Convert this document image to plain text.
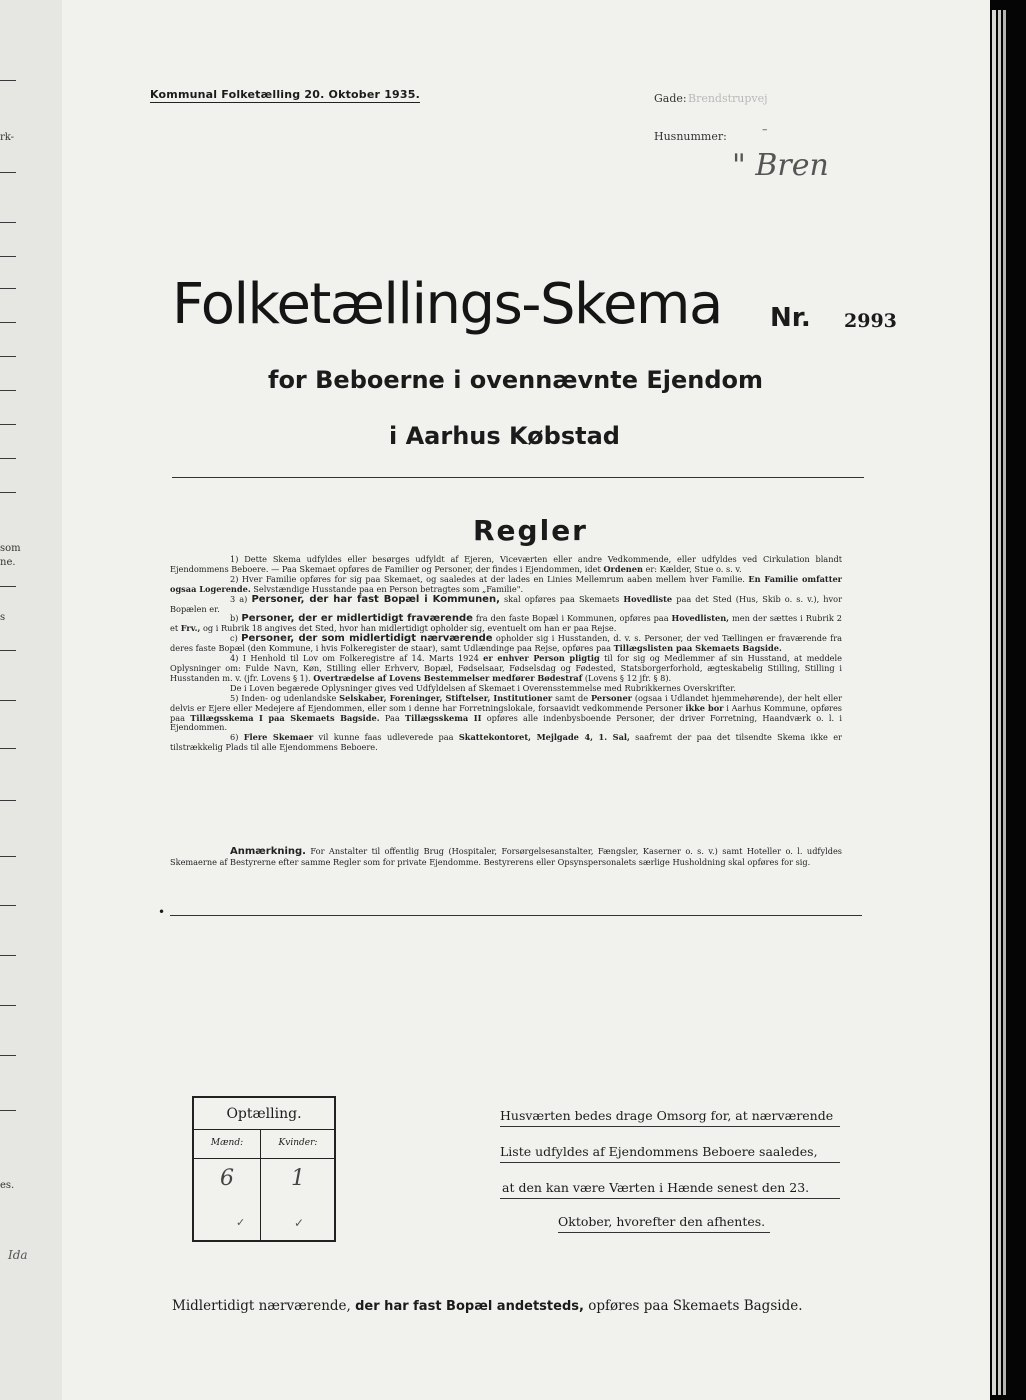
rk-
som
ne.
s
es.
Ida
Kommunal Folketælling 20. Oktober 1935.	Gade: Brendstrupvej
Husnummer:
–
" Bren
Folketællings-Skema Nr. 2993
for Beboerne i ovennævnte Ejendom
i Aarhus Købstad
Regler

1) Dette Skema udfyldes eller besørges udfyldt af Ejeren, Viceværten eller andre Vedkommende, eller udfyldes ved Cirkulation blandt Ejendommens Beboere. — Paa Skemaet opføres de Familier og Personer, der findes i Ejendommen, idet Ordenen er: Kælder, Stue o. s. v.

2) Hver Familie opføres for sig paa Skemaet, og saaledes at der lades en Linies Mellemrum aaben mellem hver Familie. En Familie omfatter ogsaa Logerende. Selvstændige Husstande paa en Person betragtes som „Familie".

3 a) Personer, der har fast Bopæl i Kommunen, skal opføres paa Skemaets Hovedliste paa det Sted (Hus, Skib o. s. v.), hvor Bopælen er.

b) Personer, der er midlertidigt fraværende fra den faste Bopæl i Kommunen, opføres paa Hovedlisten, men der sættes i Rubrik 2 et Frv., og i Rubrik 18 angives det Sted, hvor han midlertidigt opholder sig, eventuelt om han er paa Rejse.

c) Personer, der som midlertidigt nærværende opholder sig i Husstanden, d. v. s. Personer, der ved Tællingen er fraværende fra deres faste Bopæl (den Kommune, i hvis Folkeregister de staar), samt Udlændinge paa Rejse, opføres paa Tillægslisten paa Skemaets Bagside.

4) I Henhold til Lov om Folkeregistre af 14. Marts 1924 er enhver Person pligtig til for sig og Medlemmer af sin Husstand, at meddele Oplysninger om: Fulde Navn, Køn, Stilling eller Erhverv, Bopæl, Fødselsaar, Fødselsdag og Fødested, Statsborgerforhold, ægteskabelig Stilling, Stilling i Husstanden m. v. (jfr. Lovens § 1). Overtrædelse af Lovens Bestemmelser medfører Bødestraf (Lovens § 12 jfr. § 8).

De i Loven begærede Oplysninger gives ved Udfyldelsen af Skemaet i Overensstemmelse med Rubrikkernes Overskrifter.

5) Inden- og udenlandske Selskaber, Foreninger, Stiftelser, Institutioner samt de Personer (ogsaa i Udlandet hjemmehørende), der helt eller delvis er Ejere eller Medejere af Ejendommen, eller som i denne har Forretningslokale, forsaavidt vedkommende Personer ikke bor i Aarhus Kommune, opføres paa Tillægsskema I paa Skemaets Bagside. Paa Tillægsskema II opføres alle indenbysboende Personer, der driver Forretning, Haandværk o. l. i Ejendommen.

6) Flere Skemaer vil kunne faas udleverede paa Skattekontoret, Mejlgade 4, 1. Sal, saafremt der paa det tilsendte Skema ikke er tilstrækkelig Plads til alle Ejendommens Beboere.

Anmærkning. For Anstalter til offentlig Brug (Hospitaler, Forsørgelsesanstalter, Fængsler, Kaserner o. s. v.) samt Hoteller o. l. udfyldes Skemaerne af Bestyrerne efter samme Regler som for private Ejendomme. Bestyrerens eller Opsynspersonalets særlige Husholdning skal opføres for sig.

•
Optælling.
Mænd:	Kvinder:
6	1
✓	✓
Husværten bedes drage Omsorg for, at nærværende
Liste udfyldes af Ejendommens Beboere saaledes,
at den kan være Værten i Hænde senest den 23.
Oktober, hvorefter den afhentes.
Midlertidigt nærværende, der har fast Bopæl andetsteds, opføres paa Skemaets Bagside.
